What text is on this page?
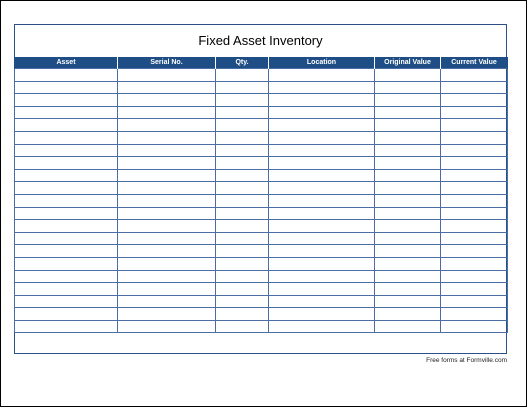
Fixed Asset Inventory
Asset	Serial No.	Qty.	Location	Original Value	Current Value

Free forms at Formville.com
